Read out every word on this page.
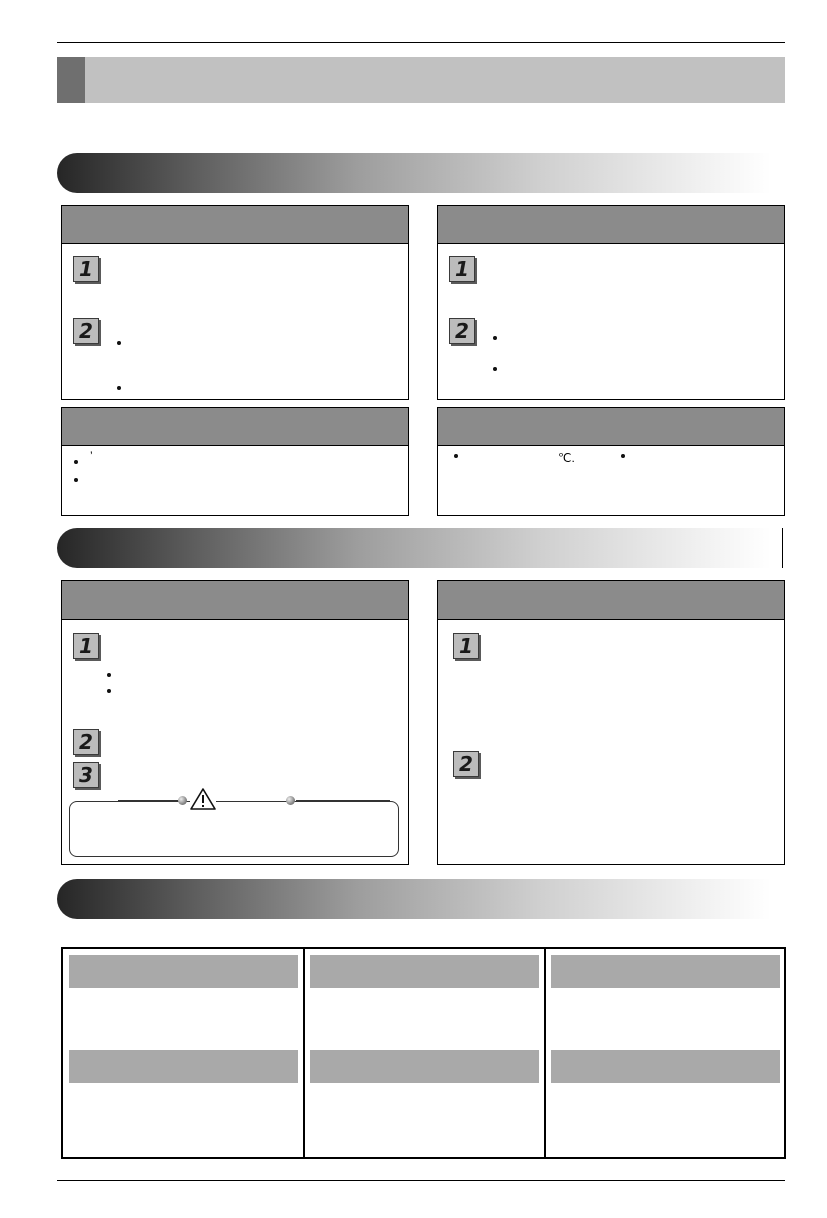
1
2
1
2
’	℃.
1
2
3
1
2
